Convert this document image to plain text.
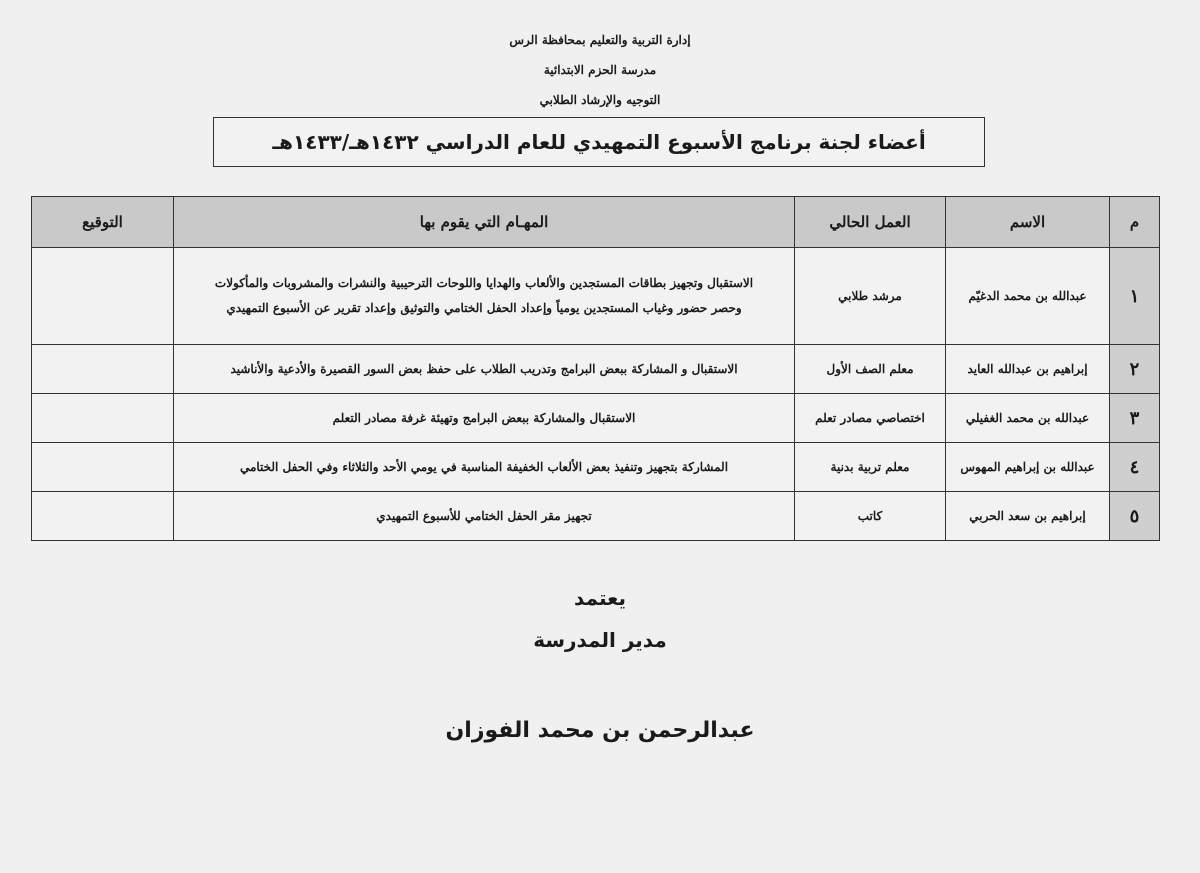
إدارة التربية والتعليم بمحافظة الرس
مدرسة الحزم الابتدائية
التوجيه والإرشاد الطلابي
أعضاء لجنة برنامج الأسبوع التمهيدي للعام الدراسي ١٤٣٢هـ/١٤٣٣هـ
م	الاسم	العمل الحالي	المهـام التي يقوم بها	التوقيع
١	عبدالله بن محمد الدغيّم	مرشد طلابي	الاستقبال وتجهيز بطاقات المستجدين والألعاب والهدايا واللوحات الترحيبية والنشرات والمشروبات والمأكولات
وحصر حضور وغياب المستجدين يومياً وإعداد الحفل الختامي والتوثيق وإعداد تقرير عن الأسبوع التمهيدي	

٢	إبراهيم بن عبدالله العايد	معلم الصف الأول	الاستقبال و المشاركة ببعض البرامج وتدريب الطلاب على حفظ بعض السور القصيرة والأدعية والأناشيد	
٣	عبدالله بن محمد الغفيلي	اختصاصي مصادر تعلم	الاستقبال والمشاركة ببعض البرامج وتهيئة غرفة مصادر التعلم	
٤	عبدالله بن إبراهيم المهوس	معلم تربية بدنية	المشاركة بتجهيز وتنفيذ بعض الألعاب الخفيفة المناسبة في يومي الأحد والثلاثاء وفي الحفل الختامي	
٥	إبراهيم بن سعد الحربي	كاتب	تجهيز مقر الحفل الختامي للأسبوع التمهيدي	
يعتمد
مدير المدرسة
عبدالرحمن بن محمد الفوزان
